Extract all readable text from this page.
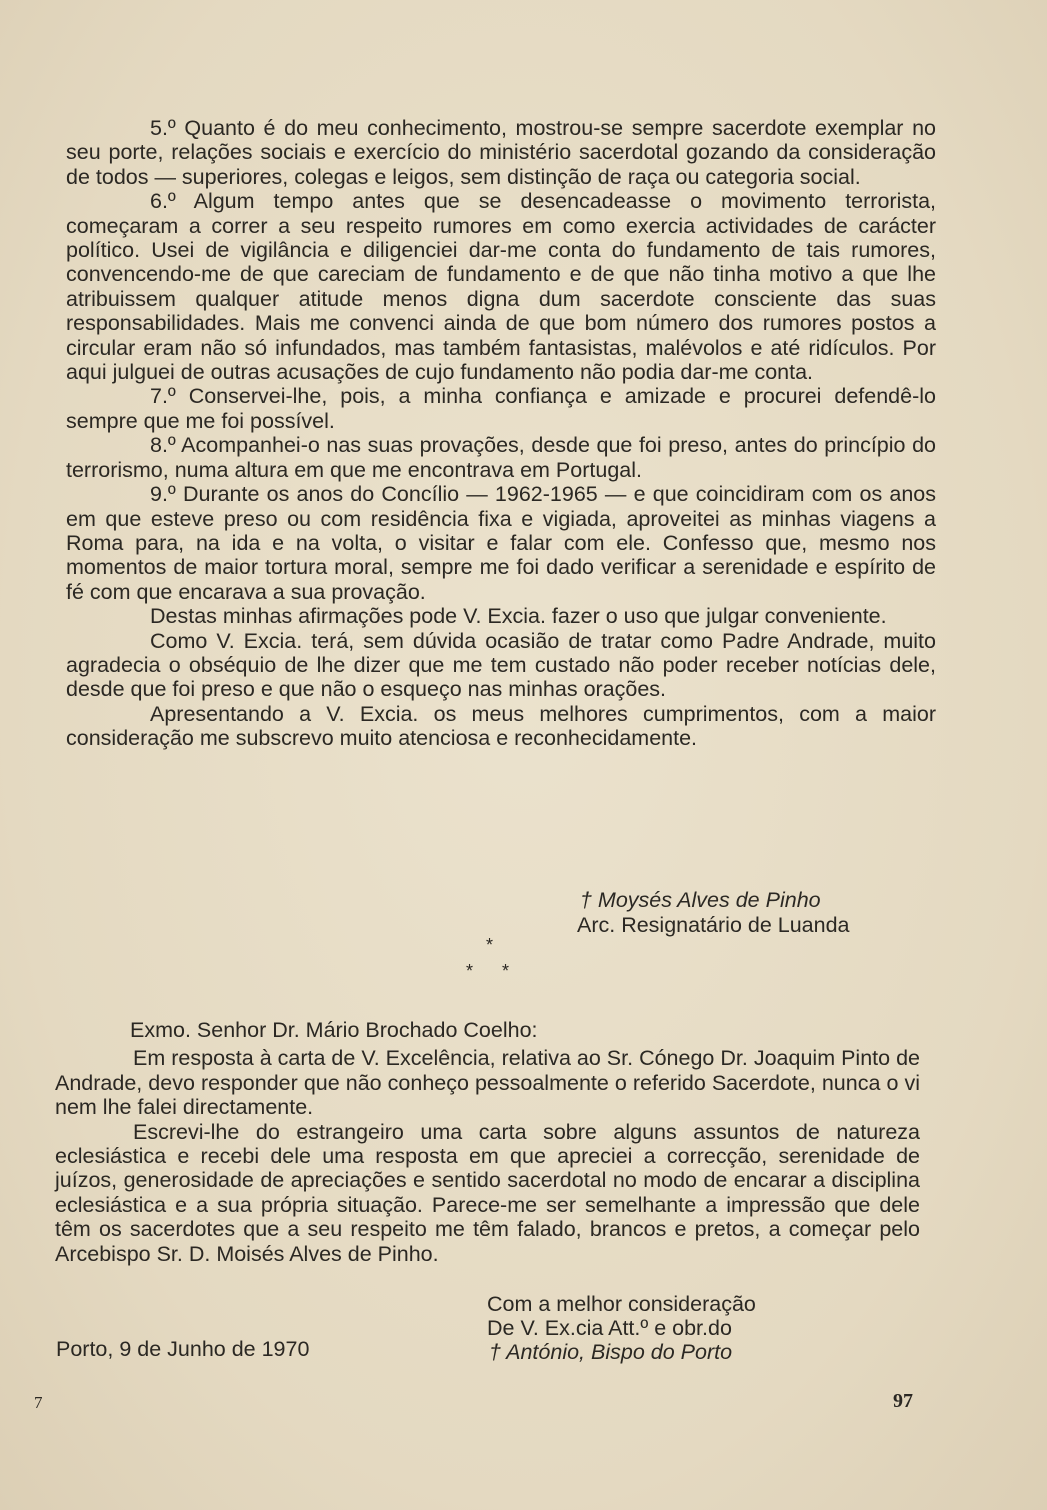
5.º Quanto é do meu conhecimento, mostrou-se sempre sacerdote exemplar no seu porte, relações sociais e exercício do ministério sacerdotal gozando da consideração de todos — superiores, colegas e leigos, sem distinção de raça ou categoria social.

6.º Algum tempo antes que se desencadeasse o movimento terrorista, começaram a correr a seu respeito rumores em como exercia actividades de carácter político. Usei de vigilância e diligenciei dar-me conta do fundamento de tais rumores, convencendo-me de que careciam de fundamento e de que não tinha motivo a que lhe atribuissem qualquer atitude menos digna dum sacerdote consciente das suas responsabilidades. Mais me convenci ainda de que bom número dos rumores postos a circular eram não só infundados, mas também fantasistas, malévolos e até ridículos. Por aqui julguei de outras acusações de cujo fundamento não podia dar-me conta.

7.º Conservei-lhe, pois, a minha confiança e amizade e procurei defendê-lo sempre que me foi possível.

8.º Acompanhei-o nas suas provações, desde que foi preso, antes do princípio do terrorismo, numa altura em que me encontrava em Portugal.

9.º Durante os anos do Concílio — 1962-1965 — e que coincidiram com os anos em que esteve preso ou com residência fixa e vigiada, aproveitei as minhas viagens a Roma para, na ida e na volta, o visitar e falar com ele. Confesso que, mesmo nos momentos de maior tortura moral, sempre me foi dado verificar a serenidade e espírito de fé com que encarava a sua provação.

Destas minhas afirmações pode V. Excia. fazer o uso que julgar conveniente.

Como V. Excia. terá, sem dúvida ocasião de tratar como Padre Andrade, muito agradecia o obséquio de lhe dizer que me tem custado não poder receber notícias dele, desde que foi preso e que não o esqueço nas minhas orações.

Apresentando a V. Excia. os meus melhores cumprimentos, com a maior consideração me subscrevo muito atenciosa e reconhecidamente.

† Moysés Alves de Pinho
Arc. Resignatário de Luanda
*
* *

Exmo. Senhor Dr. Mário Brochado Coelho:

Em resposta à carta de V. Excelência, relativa ao Sr. Cónego Dr. Joaquim Pinto de Andrade, devo responder que não conheço pessoalmente o referido Sacerdote, nunca o vi nem lhe falei directamente.

Escrevi-lhe do estrangeiro uma carta sobre alguns assuntos de natureza eclesiástica e recebi dele uma resposta em que apreciei a correcção, serenidade de juízos, generosidade de apreciações e sentido sacerdotal no modo de encarar a disciplina eclesiástica e a sua própria situação. Parece-me ser semelhante a impressão que dele têm os sacerdotes que a seu respeito me têm falado, brancos e pretos, a começar pelo Arcebispo Sr. D. Moisés Alves de Pinho.

Com a melhor consideração
De V. Ex.cia Att.º e obr.do
† António, Bispo do Porto
Porto, 9 de Junho de 1970
7	97
